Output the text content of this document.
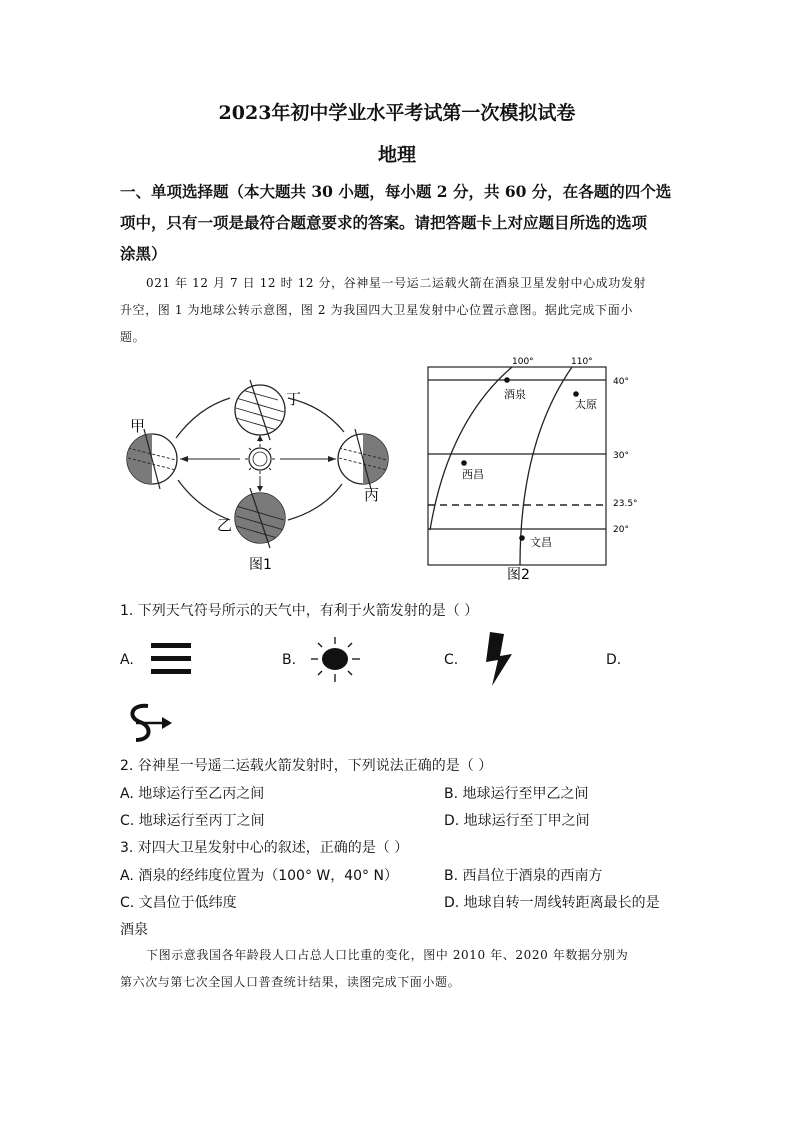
2023年初中学业水平考试第一次模拟试卷
地理
一、单项选择题（本大题共 30 小题，每小题 2 分，共 60 分，在各题的四个选
项中，只有一项是最符合题意要求的答案。请把答题卡上对应题目所选的选项
涂黑）
021 年 12 月 7 日 12 时 12 分，谷神星一号运二运载火箭在酒泉卫星发射中心成功发射
升空，图 1 为地球公转示意图，图 2 为我国四大卫星发射中心位置示意图。据此完成下面小
题。
甲
乙
丙
丁
图1
100°	110°
40°
30°
23.5°
20°
酒泉
太原
西昌
文昌
图2
1. 下列天气符号所示的天气中，有利于火箭发射的是（ ）
A.	B.	C.	D.
2. 谷神星一号遥二运载火箭发射时，下列说法正确的是（ ）
A. 地球运行至乙丙之间	B. 地球运行至甲乙之间
C. 地球运行至丙丁之间	D. 地球运行至丁甲之间
3. 对四大卫星发射中心的叙述，正确的是（ ）
A. 酒泉的经纬度位置为（100° W，40° N）	B. 西昌位于酒泉的西南方
C. 文昌位于低纬度	D. 地球自转一周线转距离最长的是
酒泉
下图示意我国各年龄段人口占总人口比重的变化，图中 2010 年、2020 年数据分别为
第六次与第七次全国人口普查统计结果，读图完成下面小题。
